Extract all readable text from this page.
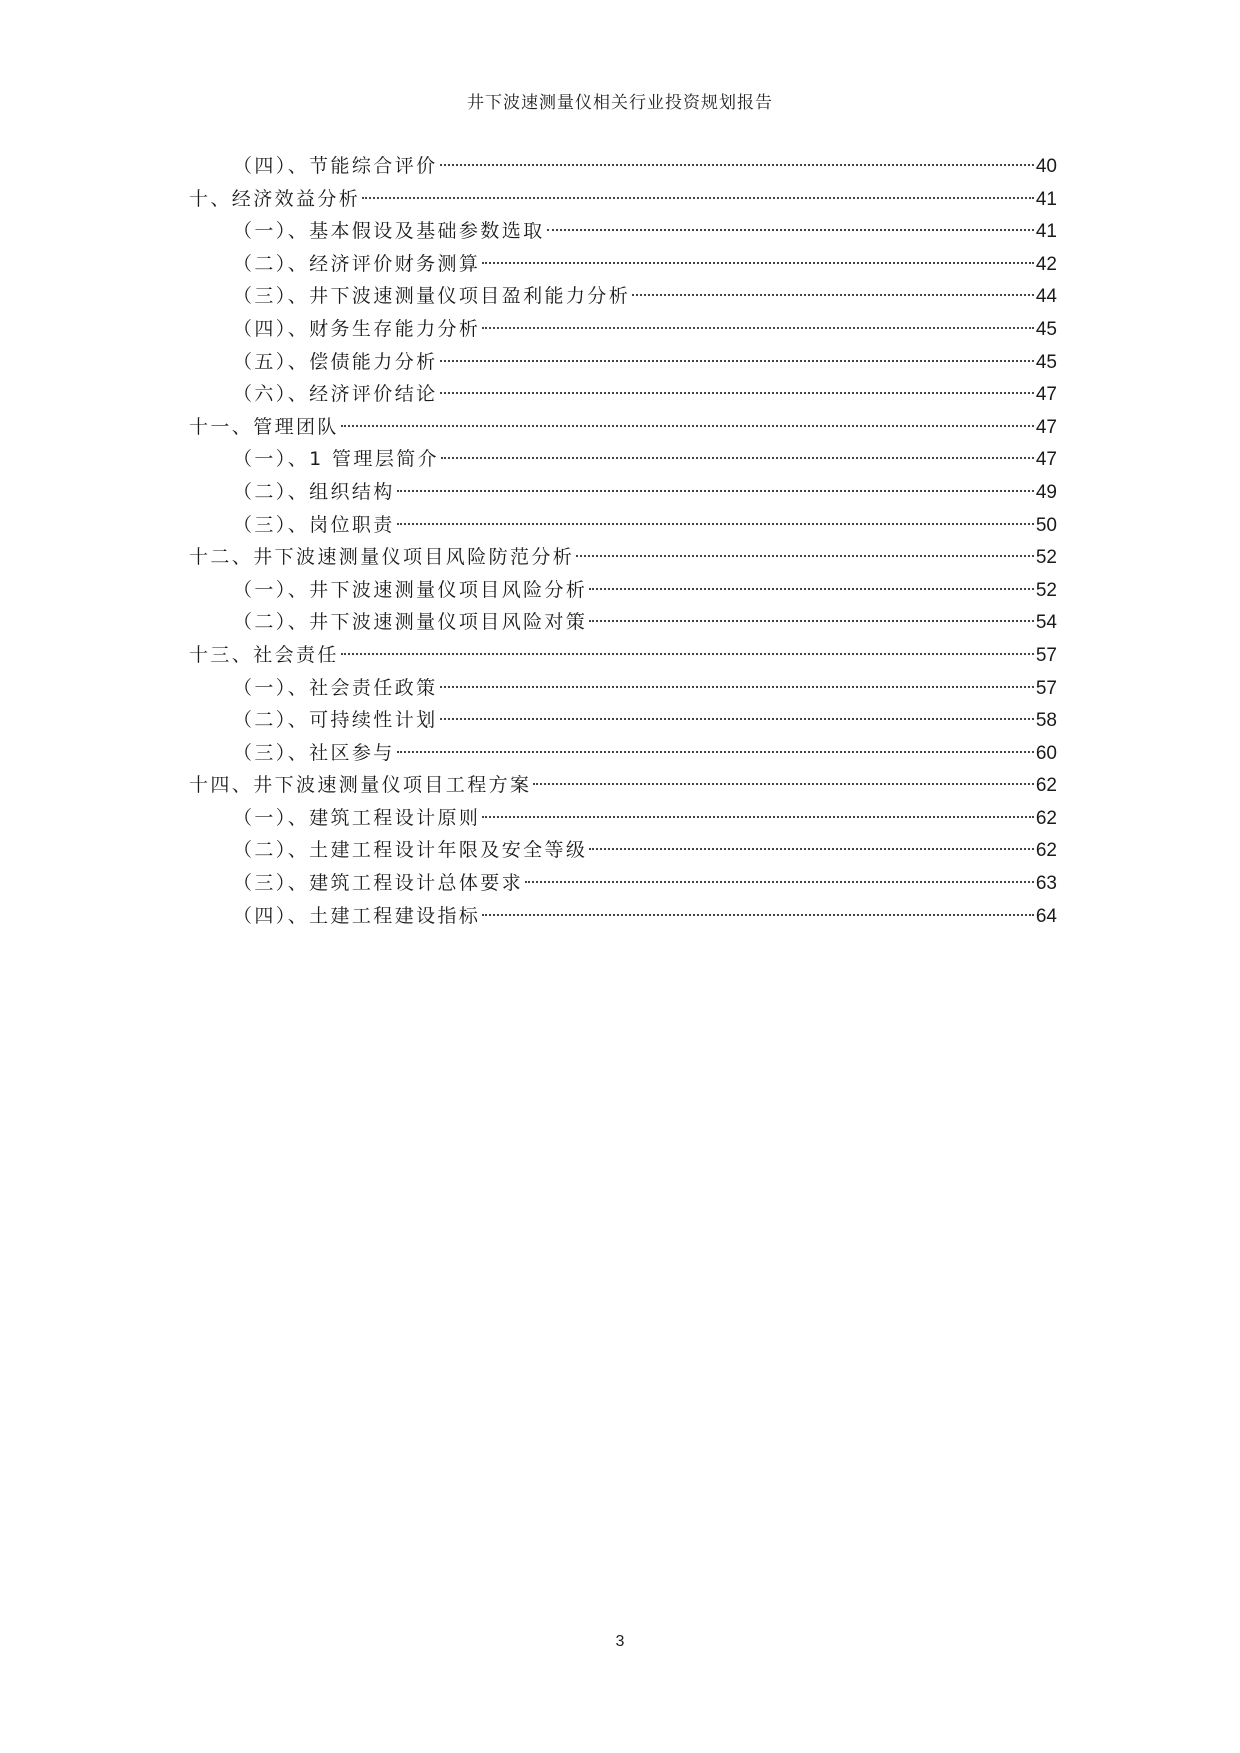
井下波速测量仪相关行业投资规划报告
（四）、节能综合评价	40
十、经济效益分析	41
（一）、基本假设及基础参数选取	41
（二）、经济评价财务测算	42
（三）、井下波速测量仪项目盈利能力分析	44
（四）、财务生存能力分析	45
（五）、偿债能力分析	45
（六）、经济评价结论	47
十一、管理团队	47
（一）、1 管理层简介	47
（二）、组织结构	49
（三）、岗位职责	50
十二、井下波速测量仪项目风险防范分析	52
（一）、井下波速测量仪项目风险分析	52
（二）、井下波速测量仪项目风险对策	54
十三、社会责任	57
（一）、社会责任政策	57
（二）、可持续性计划	58
（三）、社区参与	60
十四、井下波速测量仪项目工程方案	62
（一）、建筑工程设计原则	62
（二）、土建工程设计年限及安全等级	62
（三）、建筑工程设计总体要求	63
（四）、土建工程建设指标	64
3
